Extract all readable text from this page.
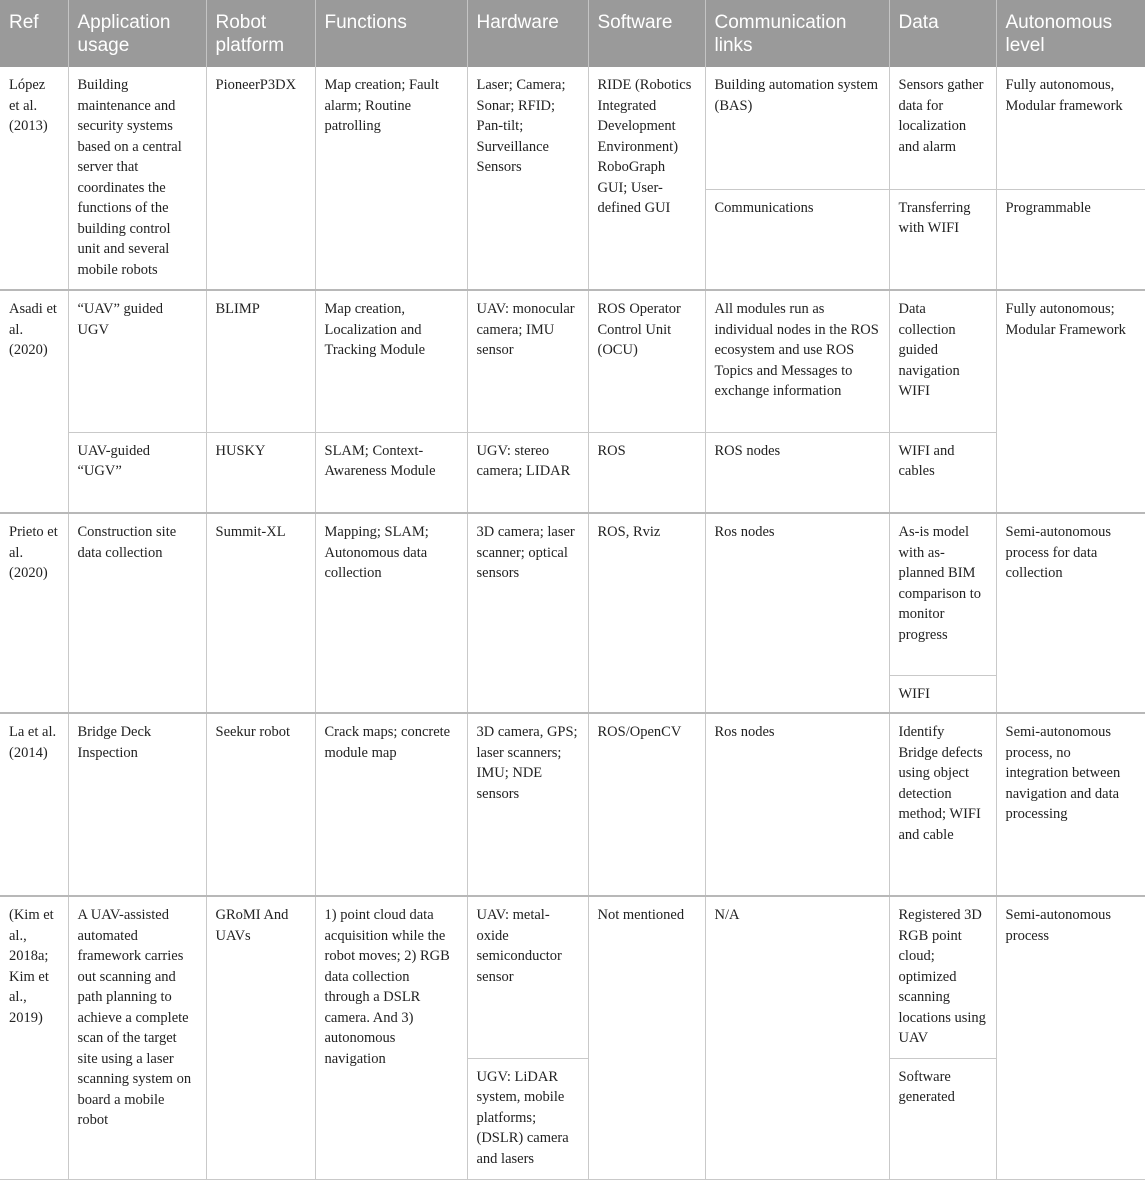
Ref	Application usage	Robot platform	Functions	Hardware	Software	Communication links	Data	Autonomous level
López et al. (2013)	Building maintenance and security systems based on a central server that coordinates the functions of the building control unit and several mobile robots	PioneerP3DX	Map creation; Fault alarm; Routine patrolling	Laser; Camera; Sonar; RFID; Pan-tilt; Surveillance Sensors	RIDE (Robotics Integrated Development Environment) RoboGraph GUI; User-defined GUI	Building automation system (BAS)	Sensors gather data for localization and alarm	Fully autonomous, Modular framework
						Communications	Transferring with WIFI	Programmable
Asadi et al. (2020)	“UAV” guided UGV	BLIMP	Map creation, Localization and Tracking Module	UAV: monocular camera; IMU sensor	ROS Operator Control Unit (OCU)	All modules run as individual nodes in the ROS ecosystem and use ROS Topics and Messages to exchange information	Data collection guided navigation WIFI	Fully autonomous; Modular Framework
	UAV-guided “UGV”	HUSKY	SLAM; Context-Awareness Module	UGV: stereo camera; LIDAR	ROS	ROS nodes	WIFI and cables	
Prieto et al. (2020)	Construction site data collection	Summit-XL	Mapping; SLAM; Autonomous data collection	3D camera; laser scanner; optical sensors	ROS, Rviz	Ros nodes	As-is model with as-planned BIM comparison to monitor progress	Semi-autonomous process for data collection
							WIFI	
La et al. (2014)	Bridge Deck Inspection	Seekur robot	Crack maps; concrete module map	3D camera, GPS; laser scanners; IMU; NDE sensors	ROS/OpenCV	Ros nodes	Identify Bridge defects using object detection method; WIFI and cable	Semi-autonomous process, no integration between navigation and data processing
(Kim et al., 2018a; Kim et al., 2019)	A UAV-assisted automated framework carries out scanning and path planning to achieve a complete scan of the target site using a laser scanning system on board a mobile robot	GRoMI And UAVs	1) point cloud data acquisition while the robot moves; 2) RGB data collection through a DSLR camera. And 3) autonomous navigation	UAV: metal-oxide semiconductor sensor	Not mentioned	N/A	Registered 3D RGB point cloud; optimized scanning locations using UAV	Semi-autonomous process
				UGV: LiDAR system, mobile platforms; (DSLR) camera and lasers			Software generated	
